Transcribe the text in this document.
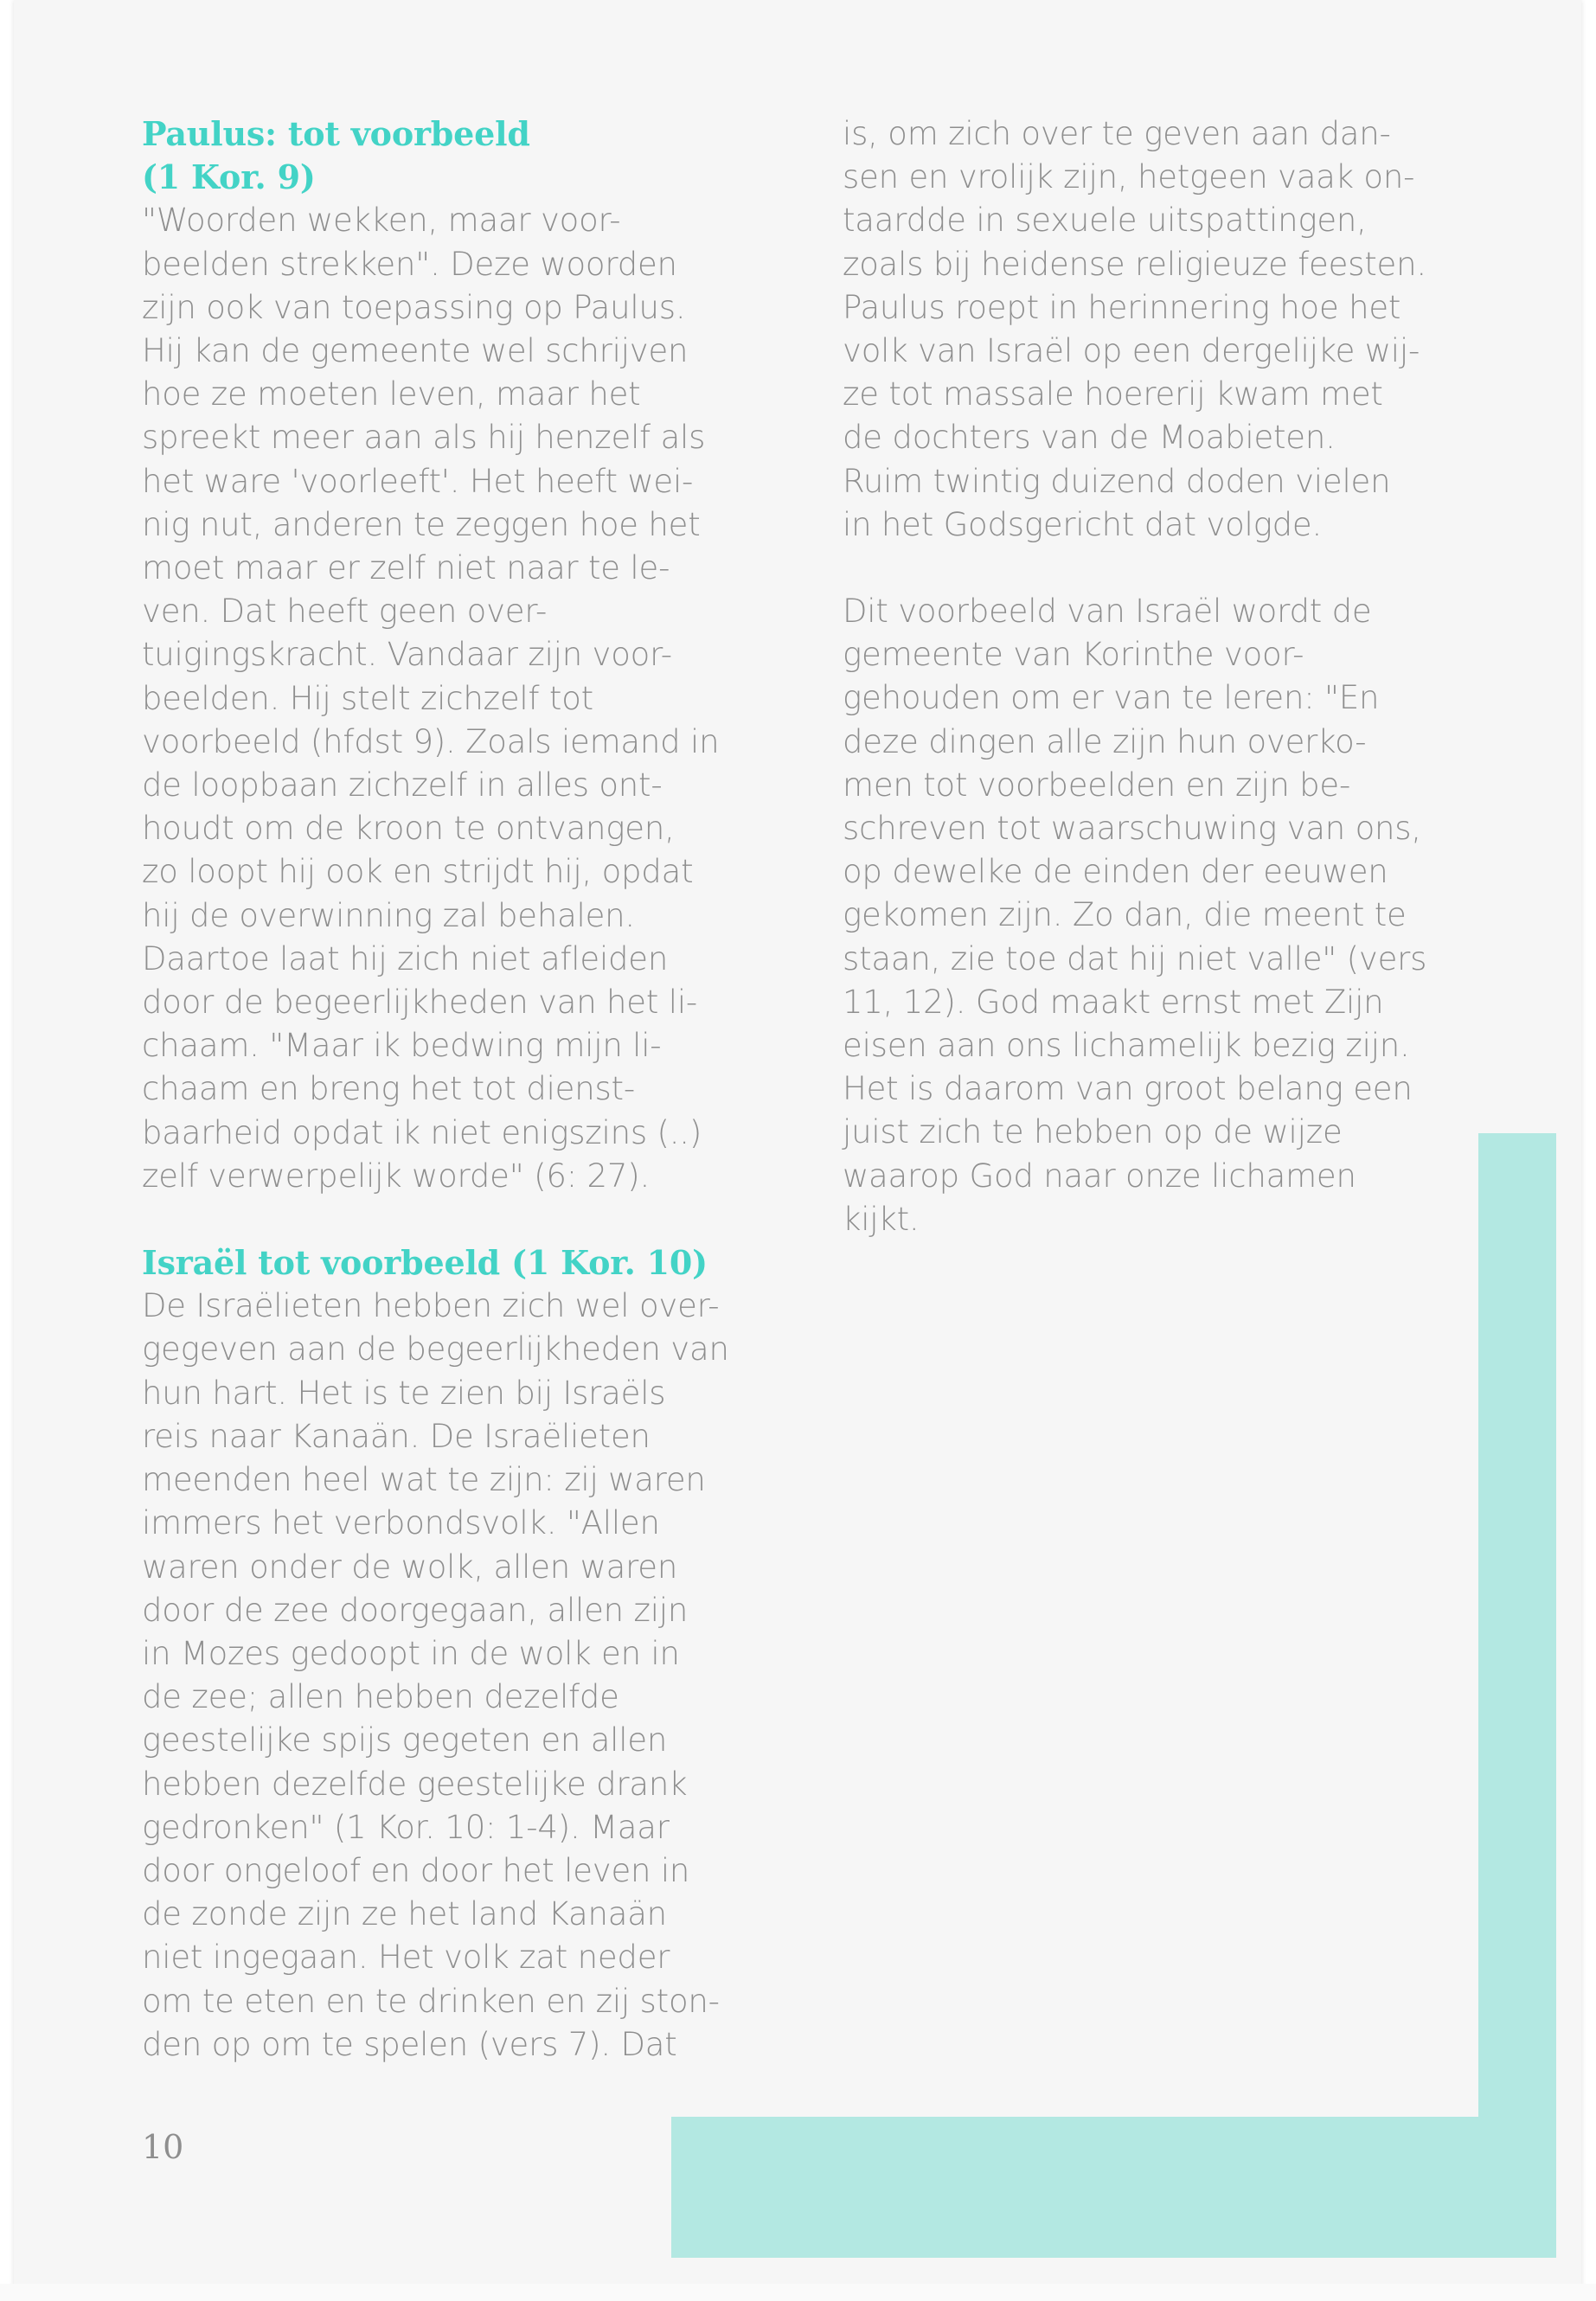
Paulus: tot voorbeeld
(1 Kor. 9)

"Woorden wekken, maar voor-
beelden strekken". Deze woorden
zijn ook van toepassing op Paulus.
Hij kan de gemeente wel schrijven
hoe ze moeten leven, maar het
spreekt meer aan als hij henzelf als
het ware 'voorleeft'. Het heeft wei-
nig nut, anderen te zeggen hoe het
moet maar er zelf niet naar te le-
ven. Dat heeft geen over-
tuigingskracht. Vandaar zijn voor-
beelden. Hij stelt zichzelf tot
voorbeeld (hfdst 9). Zoals iemand in
de loopbaan zichzelf in alles ont-
houdt om de kroon te ontvangen,
zo loopt hij ook en strijdt hij, opdat
hij de overwinning zal behalen.
Daartoe laat hij zich niet afleiden
door de begeerlijkheden van het li-
chaam. "Maar ik bedwing mijn li-
chaam en breng het tot dienst-
baarheid opdat ik niet enigszins (..)
zelf verwerpelijk worde" (6: 27).

Israël tot voorbeeld (1 Kor. 10)

De Israëlieten hebben zich wel over-
gegeven aan de begeerlijkheden van
hun hart. Het is te zien bij Israëls
reis naar Kanaän. De Israëlieten
meenden heel wat te zijn: zij waren
immers het verbondsvolk. "Allen
waren onder de wolk, allen waren
door de zee doorgegaan, allen zijn
in Mozes gedoopt in de wolk en in
de zee; allen hebben dezelfde
geestelijke spijs gegeten en allen
hebben dezelfde geestelijke drank
gedronken" (1 Kor. 10: 1-4). Maar
door ongeloof en door het leven in
de zonde zijn ze het land Kanaän
niet ingegaan. Het volk zat neder
om te eten en te drinken en zij ston-
den op om te spelen (vers 7). Dat

is, om zich over te geven aan dan-
sen en vrolijk zijn, hetgeen vaak on-
taardde in sexuele uitspattingen,
zoals bij heidense religieuze feesten.
Paulus roept in herinnering hoe het
volk van Israël op een dergelijke wij-
ze tot massale hoererij kwam met
de dochters van de Moabieten.
Ruim twintig duizend doden vielen
in het Godsgericht dat volgde.

Dit voorbeeld van Israël wordt de
gemeente van Korinthe voor-
gehouden om er van te leren: "En
deze dingen alle zijn hun overko-
men tot voorbeelden en zijn be-
schreven tot waarschuwing van ons,
op dewelke de einden der eeuwen
gekomen zijn. Zo dan, die meent te
staan, zie toe dat hij niet valle" (vers
11, 12). God maakt ernst met Zijn
eisen aan ons lichamelijk bezig zijn.
Het is daarom van groot belang een
juist zich te hebben op de wijze
waarop God naar onze lichamen
kijkt.

10
